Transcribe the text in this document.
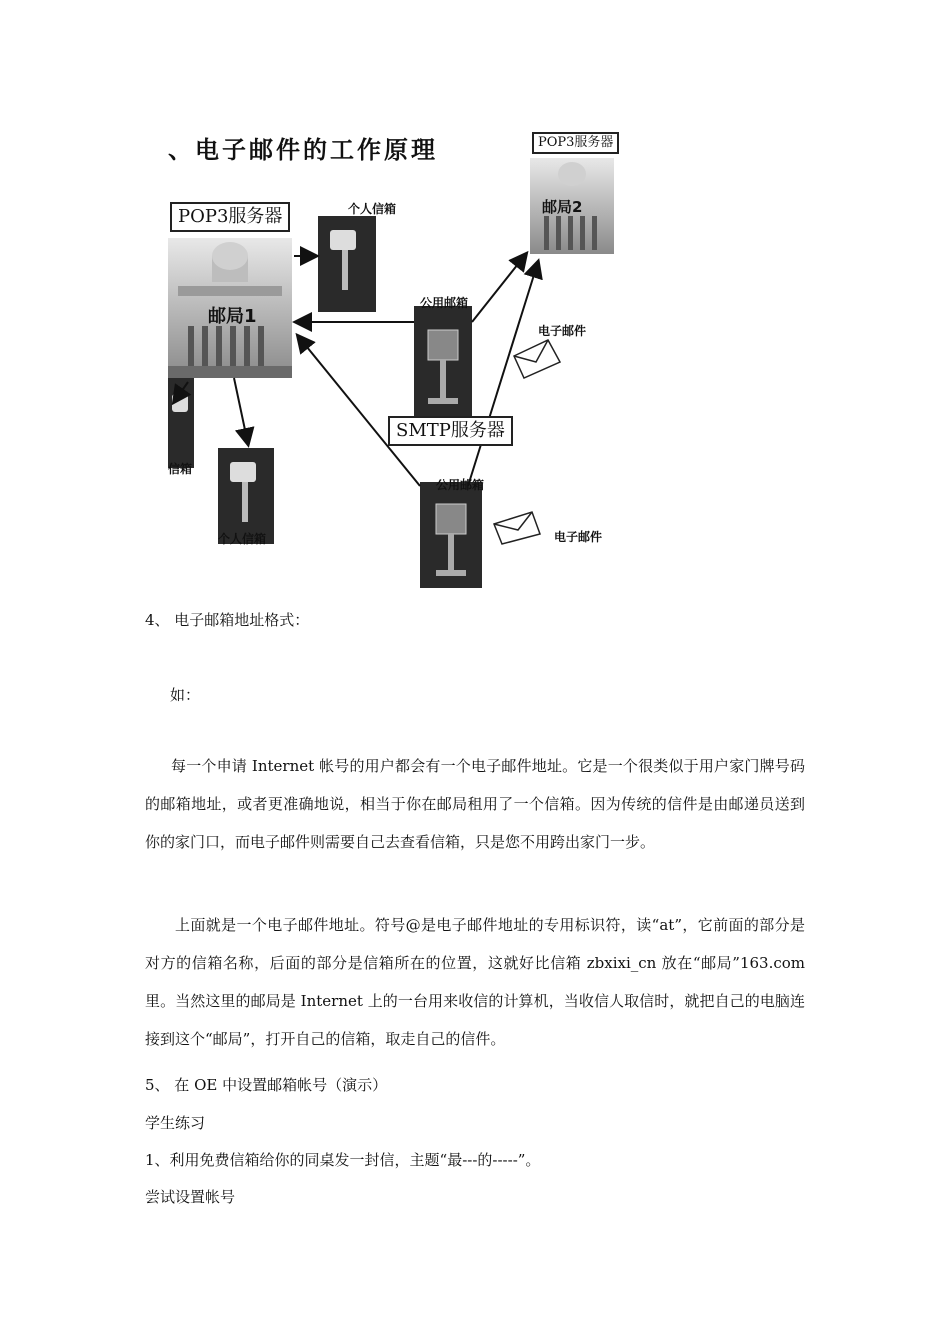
、电子邮件的工作原理
POP3服务器
POP3服务器
SMTP服务器
邮局1
邮局2
个人信箱
个人信箱
信箱
公用邮箱
公用邮箱
电子邮件
电子邮件
4、 电子邮箱地址格式：
如：
每一个申请 Internet 帐号的用户都会有一个电子邮件地址。它是一个很类似于用户家门牌号码 的邮箱地址，或者更准确地说，相当于你在邮局租用了一个信箱。因为传统的信件是由邮递员送到 你的家门口，而电子邮件则需要自己去查看信箱，只是您不用跨出家门一步。
上面就是一个电子邮件地址。符号@是电子邮件地址的专用标识符，读“at”，它前面的部分是对方的信箱名称，后面的部分是信箱所在的位置，这就好比信箱 zbxixi_cn 放在“邮局”163.com 里。当然这里的邮局是 Internet 上的一台用来收信的计算机，当收信人取信时，就把自己的电脑连 接到这个“邮局”，打开自己的信箱，取走自己的信件。
5、 在 OE 中设置邮箱帐号（演示）
学生练习
1、利用免费信箱给你的同桌发一封信，主题“最---的-----”。
尝试设置帐号
